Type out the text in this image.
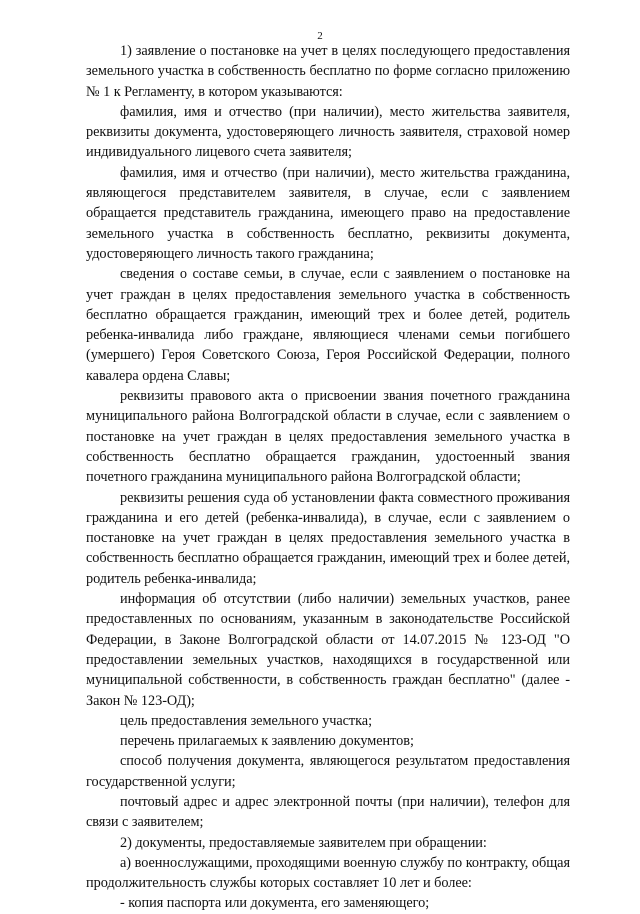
2

1) заявление о постановке на учет в целях последующего предоставления земельного участка в собственность бесплатно по форме согласно приложению № 1 к Регламенту, в котором указываются:

фамилия, имя и отчество (при наличии), место жительства заявителя, реквизиты документа, удостоверяющего личность заявителя, страховой номер индивидуального лицевого счета заявителя;

фамилия, имя и отчество (при наличии), место жительства гражданина, являющегося представителем заявителя, в случае, если с заявлением обращается представитель гражданина, имеющего право на предоставление земельного участка в собственность бесплатно, реквизиты документа, удостоверяющего личность такого гражданина;

сведения о составе семьи, в случае, если с заявлением о постановке на учет граждан в целях предоставления земельного участка в собственность бесплатно обращается гражданин, имеющий трех и более детей, родитель ребенка-инвалида либо граждане, являющиеся членами семьи погибшего (умершего) Героя Советского Союза, Героя Российской Федерации, полного кавалера ордена Славы;

реквизиты правового акта о присвоении звания почетного гражданина муниципального района Волгоградской области в случае, если с заявлением о постановке на учет граждан в целях предоставления земельного участка в собственность бесплатно обращается гражданин, удостоенный звания почетного гражданина муниципального района Волгоградской области;

реквизиты решения суда об установлении факта совместного проживания гражданина и его детей (ребенка-инвалида), в случае, если с заявлением о постановке на учет граждан в целях предоставления земельного участка в собственность бесплатно обращается гражданин, имеющий трех и более детей, родитель ребенка-инвалида;

информация об отсутствии (либо наличии) земельных участков, ранее предоставленных по основаниям, указанным в законодательстве Российской Федерации, в Законе Волгоградской области от 14.07.2015 № 123-ОД "О предоставлении земельных участков, находящихся в государственной или муниципальной собственности, в собственность граждан бесплатно" (далее - Закон № 123-ОД);

цель предоставления земельного участка;

перечень прилагаемых к заявлению документов;

способ получения документа, являющегося результатом предоставления государственной услуги;

почтовый адрес и адрес электронной почты (при наличии), телефон для связи с заявителем;

2) документы, предоставляемые заявителем при обращении:

а) военнослужащими, проходящими военную службу по контракту, общая продолжительность службы которых составляет 10 лет и более:

- копия паспорта или документа, его заменяющего;
